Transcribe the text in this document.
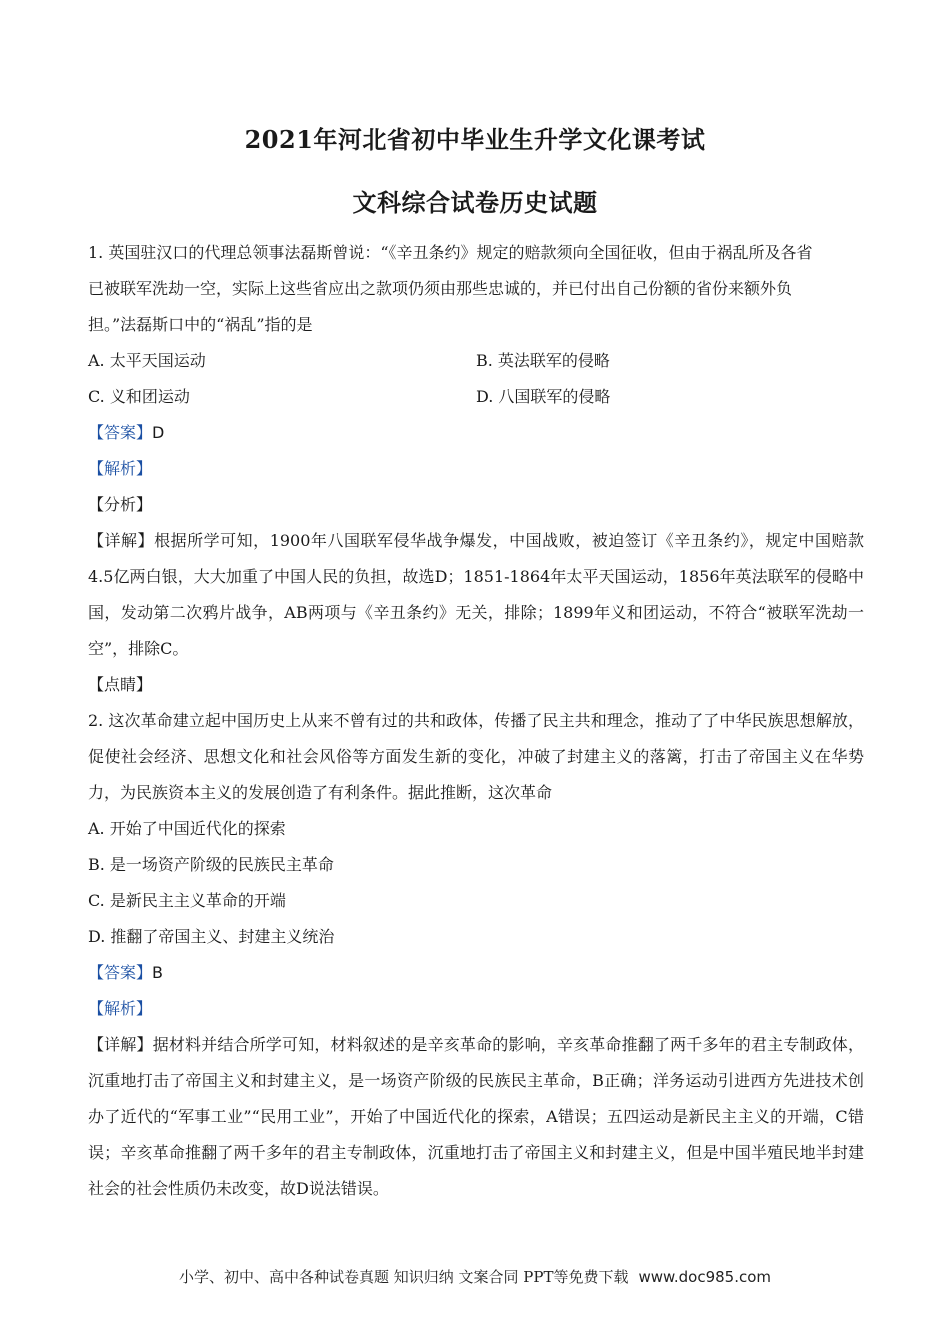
2021年河北省初中毕业生升学文化课考试
文科综合试卷历史试题
1. 英国驻汉口的代理总领事法磊斯曾说：“《辛丑条约》规定的赔款须向全国征收，但由于祸乱所及各省
已被联军洗劫一空，实际上这些省应出之款项仍须由那些忠诚的，并已付出自己份额的省份来额外负
担。”法磊斯口中的“祸乱”指的是
A. 太平天国运动	B. 英法联军的侵略
C. 义和团运动	D. 八国联军的侵略
【答案】D
【解析】
【分析】
【详解】根据所学可知，1900年八国联军侵华战争爆发，中国战败，被迫签订《辛丑条约》，规定中国赔款4.5亿两白银，大大加重了中国人民的负担，故选D；1851-1864年太平天国运动，1856年英法联军的侵略中国，发动第二次鸦片战争，AB两项与《辛丑条约》无关，排除；1899年义和团运动，不符合“被联军洗劫一空”，排除C。
【点睛】
2. 这次革命建立起中国历史上从来不曾有过的共和政体，传播了民主共和理念，推动了了中华民族思想解放，促使社会经济、思想文化和社会风俗等方面发生新的变化，冲破了封建主义的落篱，打击了帝国主义在华势力，为民族资本主义的发展创造了有利条件。据此推断，这次革命
A. 开始了中国近代化的探索
B. 是一场资产阶级的民族民主革命
C. 是新民主主义革命的开端
D. 推翻了帝国主义、封建主义统治
【答案】B
【解析】
【详解】据材料并结合所学可知，材料叙述的是辛亥革命的影响，辛亥革命推翻了两千多年的君主专制政体，沉重地打击了帝国主义和封建主义，是一场资产阶级的民族民主革命，B正确；洋务运动引进西方先进技术创办了近代的“军事工业”“民用工业”，开始了中国近代化的探索，A错误；五四运动是新民主主义的开端，C错误；辛亥革命推翻了两千多年的君主专制政体，沉重地打击了帝国主义和封建主义，但是中国半殖民地半封建社会的社会性质仍未改变，故D说法错误。
小学、初中、高中各种试卷真题 知识归纳 文案合同 PPT等免费下载 www.doc985.com
